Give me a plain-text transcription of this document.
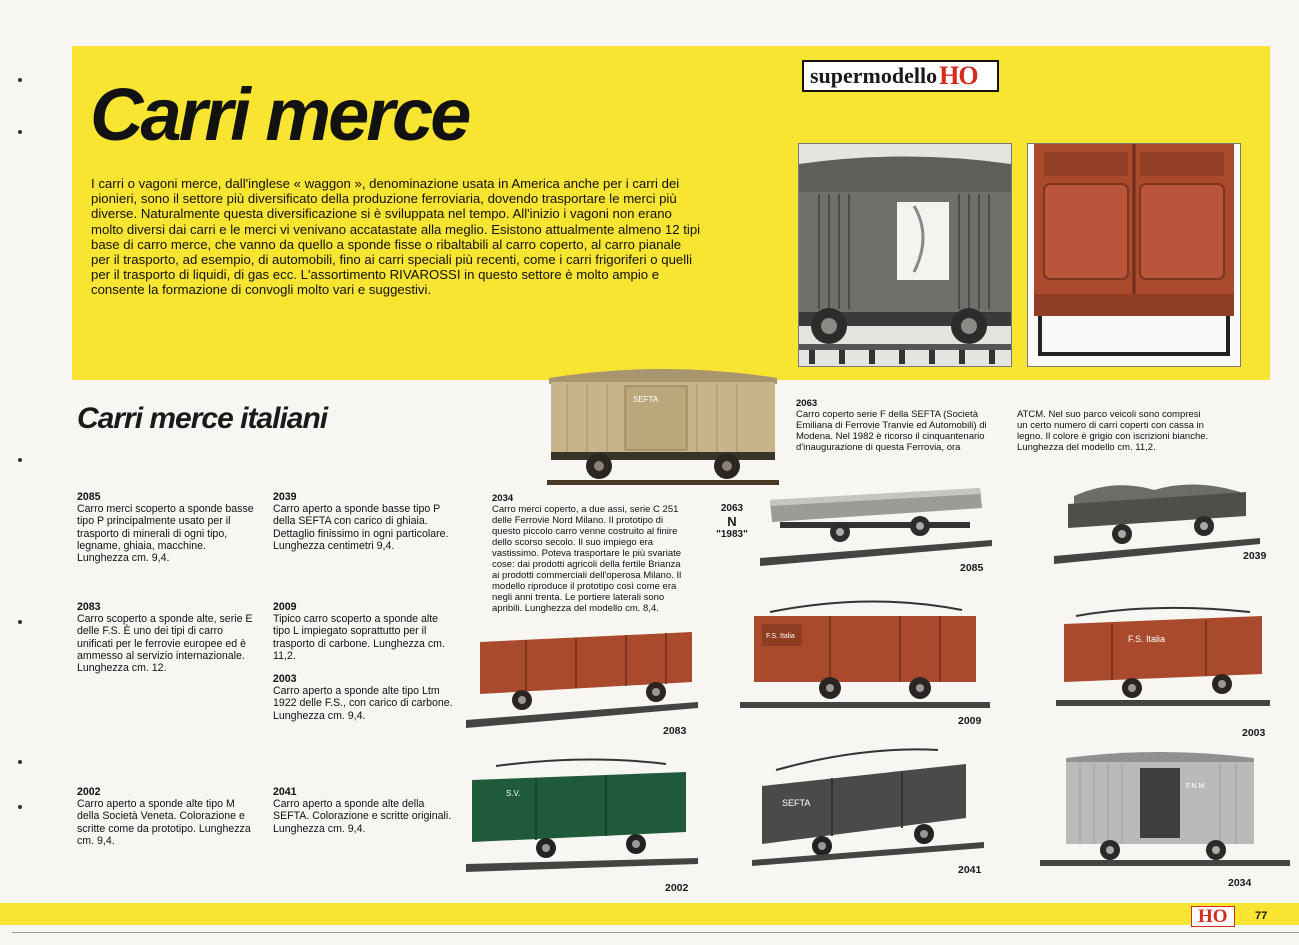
Carri merce	supermodello HO

I carri o vagoni merce, dall'inglese « waggon », denominazione usata in America anche per i carri dei pionieri, sono il settore più diversificato della produzione ferroviaria, dovendo trasportare le merci più diverse. Naturalmente questa diversificazione si è sviluppata nel tempo. All'inizio i vagoni non erano molto diversi dai carri e le merci vi venivano accatastate alla meglio. Esistono attualmente almeno 12 tipi base di carro merce, che vanno da quello a sponde fisse o ribaltabili al carro coperto, al carro pianale per il trasporto, ad esempio, di automobili, fino ai carri speciali più recenti, come i carri frigoriferi o quelli per il trasporto di liquidi, di gas ecc. L'assortimento RIVAROSSI in questo settore è molto ampio e consente la formazione di convogli molto vari e suggestivi.

SEFTA
Carri merce italiani	2063
Carro coperto serie F della SEFTA (Società Emiliana di Ferrovie Tranvie ed Automobili) di Modena. Nel 1982 è ricorso il cinquantenario d'inaugurazione di questa Ferrovia, ora

ATCM. Nel suo parco veicoli sono compresi un certo numero di carri coperti con cassa in legno. Il colore è grigio con iscrizioni bianche. Lunghezza del modello cm. 11,2.

2085
Carro merci scoperto a sponde basse tipo P principalmente usato per il trasporto di minerali di ogni tipo, legname, ghiaia, macchine. Lunghezza cm. 9,4.

2039
Carro aperto a sponde basse tipo P della SEFTA con carico di ghiaia. Dettaglio finissimo in ogni particolare. Lunghezza centimetri 9,4.

2034
Carro merci coperto, a due assi, serie C 251 delle Ferrovie Nord Milano. Il prototipo di questo piccolo carro venne costruito al finire dello scorso secolo. Il suo impiego era vastissimo. Poteva trasportare le più svariate cose: dai prodotti agricoli della fertile Brianza ai prodotti commerciali dell'operosa Milano. Il modello riproduce il prototipo così come era negli anni trenta. Le portiere laterali sono apribili. Lunghezza del modello cm. 8,4.

2063
N
"1983"

2083
Carro scoperto a sponde alte, serie E delle F.S. È uno dei tipi di carro unificati per le ferrovie europee ed è ammesso al servizio internazionale. Lunghezza cm. 12.

2009
Tipico carro scoperto a sponde alte tipo L impiegato soprattutto per il trasporto di carbone. Lunghezza cm. 11,2.

2003
Carro aperto a sponde alte tipo Ltm 1922 delle F.S., con carico di carbone. Lunghezza cm. 9,4.

2002
Carro aperto a sponde alte tipo M della Società Veneta. Colorazione e scritte come da prototipo. Lunghezza cm. 9,4.

2041
Carro aperto a sponde alte della SEFTA. Colorazione e scritte originali. Lunghezza cm. 9,4.

2085
2039
2083
F.S. Italia
2009
F.S. Italia
2003
S.V.
2002
SEFTA
2041
F.N.M.
2034
HO	77
